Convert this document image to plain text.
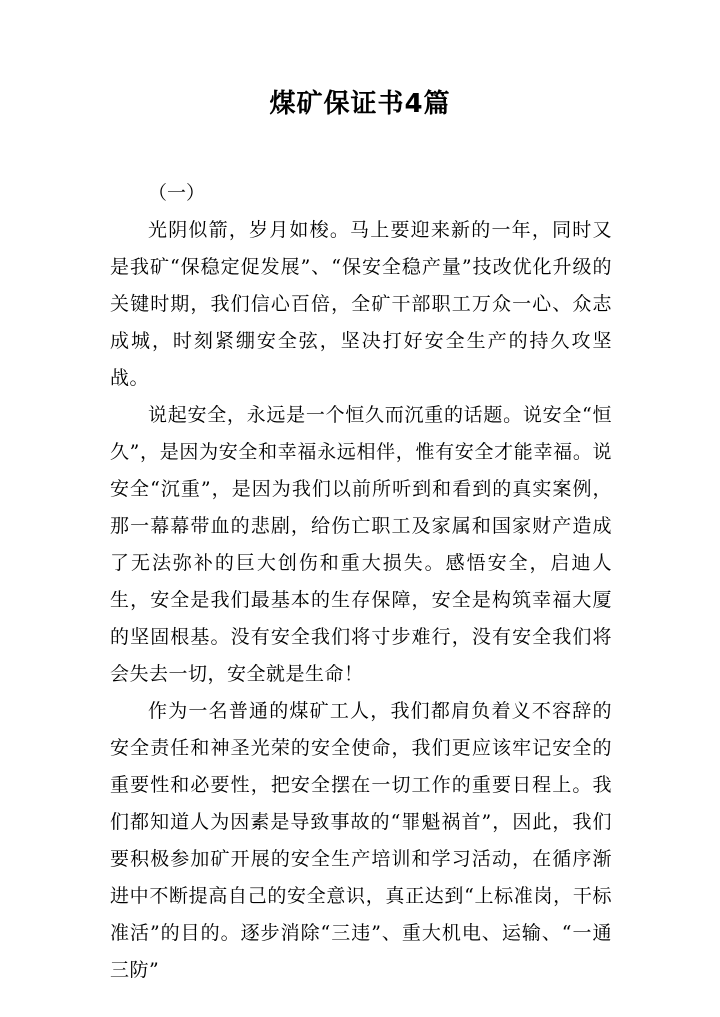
煤矿保证书4篇

（一）

光阴似箭，岁月如梭。马上要迎来新的一年，同时又是我矿“保稳定促发展”、“保安全稳产量”技改优化升级的关键时期，我们信心百倍，全矿干部职工万众一心、众志成城，时刻紧绷安全弦，坚决打好安全生产的持久攻坚战。

说起安全，永远是一个恒久而沉重的话题。说安全“恒久”，是因为安全和幸福永远相伴，惟有安全才能幸福。说安全“沉重”，是因为我们以前所听到和看到的真实案例，那一幕幕带血的悲剧，给伤亡职工及家属和国家财产造成了无法弥补的巨大创伤和重大损失。感悟安全，启迪人生，安全是我们最基本的生存保障，安全是构筑幸福大厦的坚固根基。没有安全我们将寸步难行，没有安全我们将会失去一切，安全就是生命！

作为一名普通的煤矿工人，我们都肩负着义不容辞的安全责任和神圣光荣的安全使命，我们更应该牢记安全的重要性和必要性，把安全摆在一切工作的重要日程上。我们都知道人为因素是导致事故的“罪魁祸首”，因此，我们要积极参加矿开展的安全生产培训和学习活动，在循序渐进中不断提高自己的安全意识，真正达到“上标准岗，干标准活”的目的。逐步消除“三违”、重大机电、运输、“一通三防”
